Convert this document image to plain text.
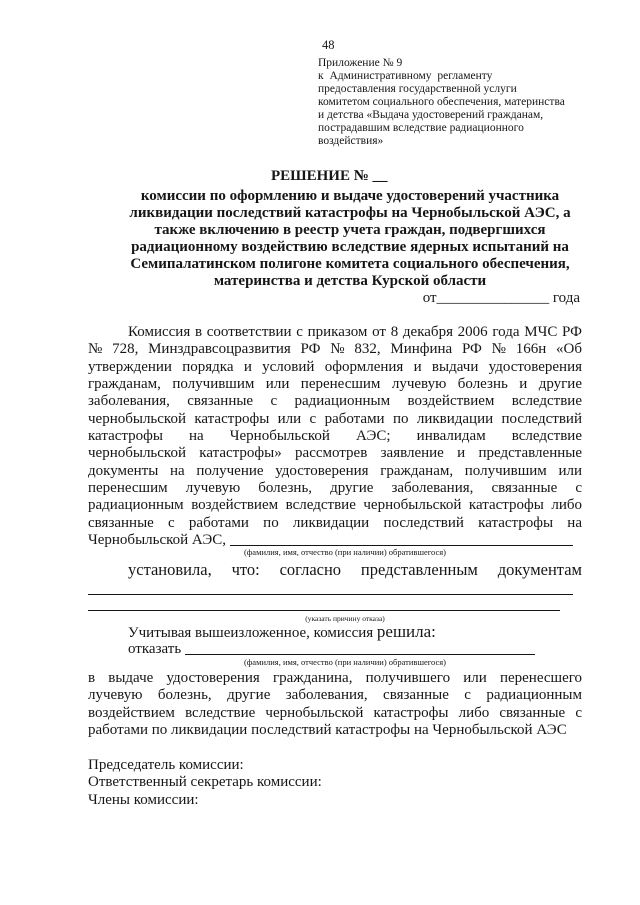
48
Приложение № 9
к Административному регламенту
предоставления государственной услуги
комитетом социального обеспечения, материнства
и детства «Выдача удостоверений гражданам,
пострадавшим вследствие радиационного
воздействия»
РЕШЕНИЕ № __
комиссии по оформлению и выдаче удостоверений участника
ликвидации последствий катастрофы на Чернобыльской АЭС, а
также включению в реестр учета граждан, подвергшихся
радиационному воздействию вследствие ядерных испытаний на
Семипалатинском полигоне комитета социального обеспечения,
материнства и детства Курской области
от_______________ года
Комиссия в соответствии с приказом от 8 декабря 2006 года МЧС РФ
№ 728, Минздравсоцразвития РФ № 832, Минфина РФ № 166н «Об
утверждении порядка и условий оформления и выдачи удостоверения
гражданам, получившим или перенесшим лучевую болезнь и другие
заболевания, связанные с радиационным воздействием вследствие
чернобыльской катастрофы или с работами по ликвидации последствий
катастрофы на Чернобыльской АЭС; инвалидам вследствие
чернобыльской катастрофы» рассмотрев заявление и представленные
документы на получение удостоверения гражданам, получившим или
перенесшим лучевую болезнь, другие заболевания, связанные с
радиационным воздействием вследствие чернобыльской катастрофы либо
связанные с работами по ликвидации последствий катастрофы на
Чернобыльской АЭС,
(фамилия, имя, отчество (при наличии) обратившегося)
установила, что: согласно представленным документам
(указать причину отказа)
Учитывая вышеизложенное, комиссия решила:
отказать
(фамилия, имя, отчество (при наличии) обратившегося)
в выдаче удостоверения гражданина, получившего или перенесшего
лучевую болезнь, другие заболевания, связанные с радиационным
воздействием вследствие чернобыльской катастрофы либо связанные с
работами по ликвидации последствий катастрофы на Чернобыльской АЭС
Председатель комиссии:
Ответственный секретарь комиссии:
Члены комиссии:
